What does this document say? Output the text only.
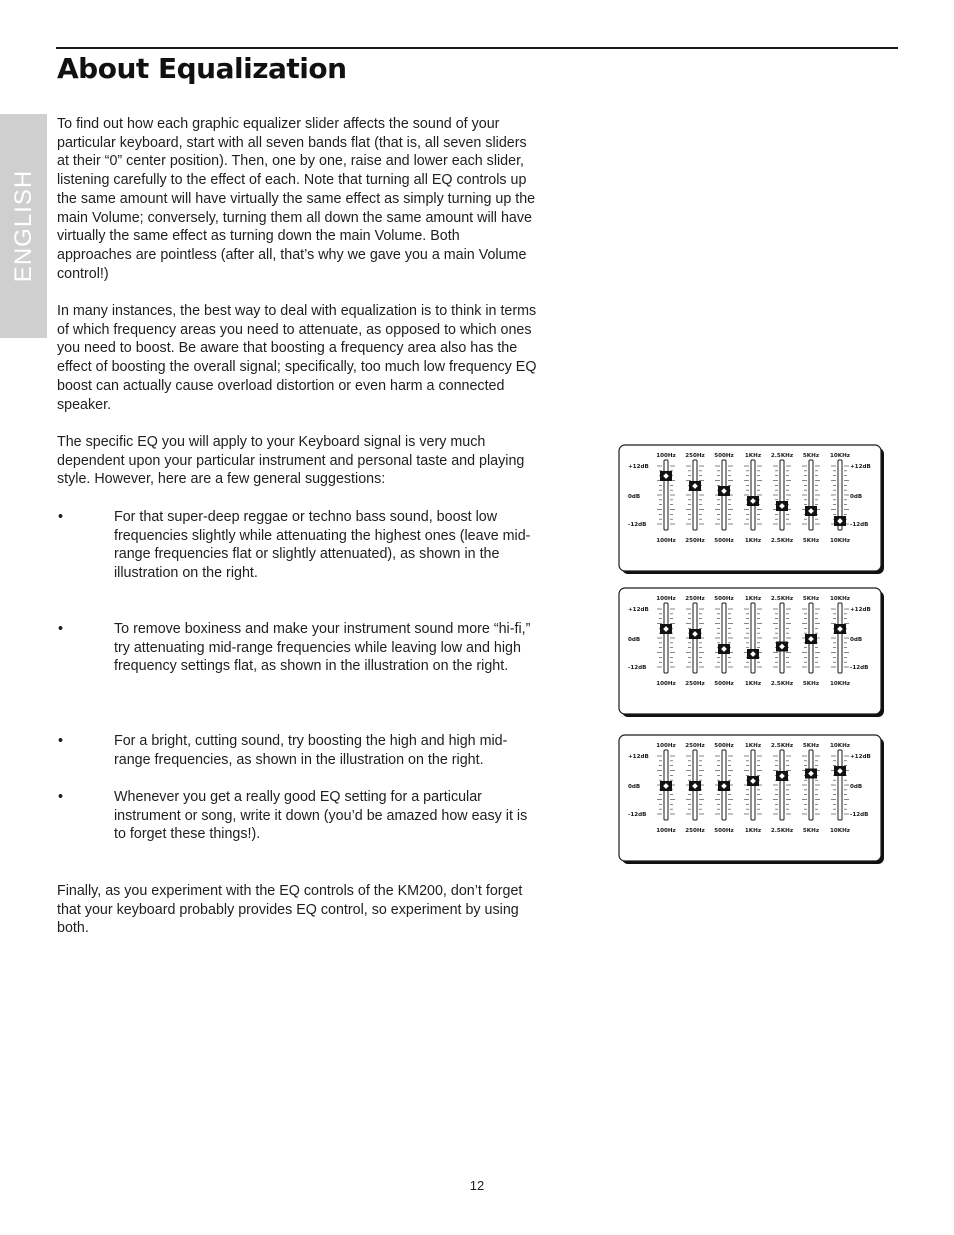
About Equalization
ENGLISH

To find out how each graphic equalizer slider affects the sound of your particular keyboard, start with all seven bands flat (that is, all seven sliders at their “0” center position). Then, one by one, raise and lower each slider, listening carefully to the effect of each. Note that turning all EQ controls up the same amount will have virtually the same effect as simply turning up the main Volume; conversely, turning them all down the same amount will have virtually the same effect as turning down the main Volume. Both approaches are pointless (after all, that’s why we gave you a main Volume control!)

In many instances, the best way to deal with equalization is to think in terms of which frequency areas you need to attenuate, as opposed to which ones you need to boost. Be aware that boosting a frequency area also has the effect of boosting the overall signal; specifically, too much low frequency EQ boost can actually cause overload distortion or even harm a connected speaker.

The specific EQ you will apply to your Keyboard signal is very much dependent upon your particular instrument and personal taste and playing style. However, here are a few general suggestions:

•	For that super-deep reggae or techno bass sound, boost low frequencies slightly while attenuating the highest ones (leave mid-range frequencies flat or slightly attenuated), as shown in the illustration on the right.

•	To remove boxiness and make your instrument sound more “hi-fi,” try attenuating mid-range frequencies while leaving low and high frequency settings flat, as shown in the illustration on the right.

•	For a bright, cutting sound, try boosting the high and high mid-range frequencies, as shown in the illustration on the right.

•	Whenever you get a really good EQ setting for a particular instrument or song, write it down (you’d be amazed how easy it is to forget these things!).

Finally, as you experiment with the EQ controls of the KM200, don’t forget that your keyboard probably provides EQ control, so experiment by using both.

+12dB	+12dB
0dB	0dB
-12dB	-12dB
100Hz
100Hz
250Hz
250Hz
500Hz
500Hz
1KHz
1KHz
2.5KHz
2.5KHz
5KHz
5KHz
10KHz
10KHz
+12dB	+12dB
0dB	0dB
-12dB	-12dB
100Hz
100Hz
250Hz
250Hz
500Hz
500Hz
1KHz
1KHz
2.5KHz
2.5KHz
5KHz
5KHz
10KHz
10KHz
+12dB	+12dB
0dB	0dB
-12dB	-12dB
100Hz
100Hz
250Hz
250Hz
500Hz
500Hz
1KHz
1KHz
2.5KHz
2.5KHz
5KHz
5KHz
10KHz
10KHz
12
